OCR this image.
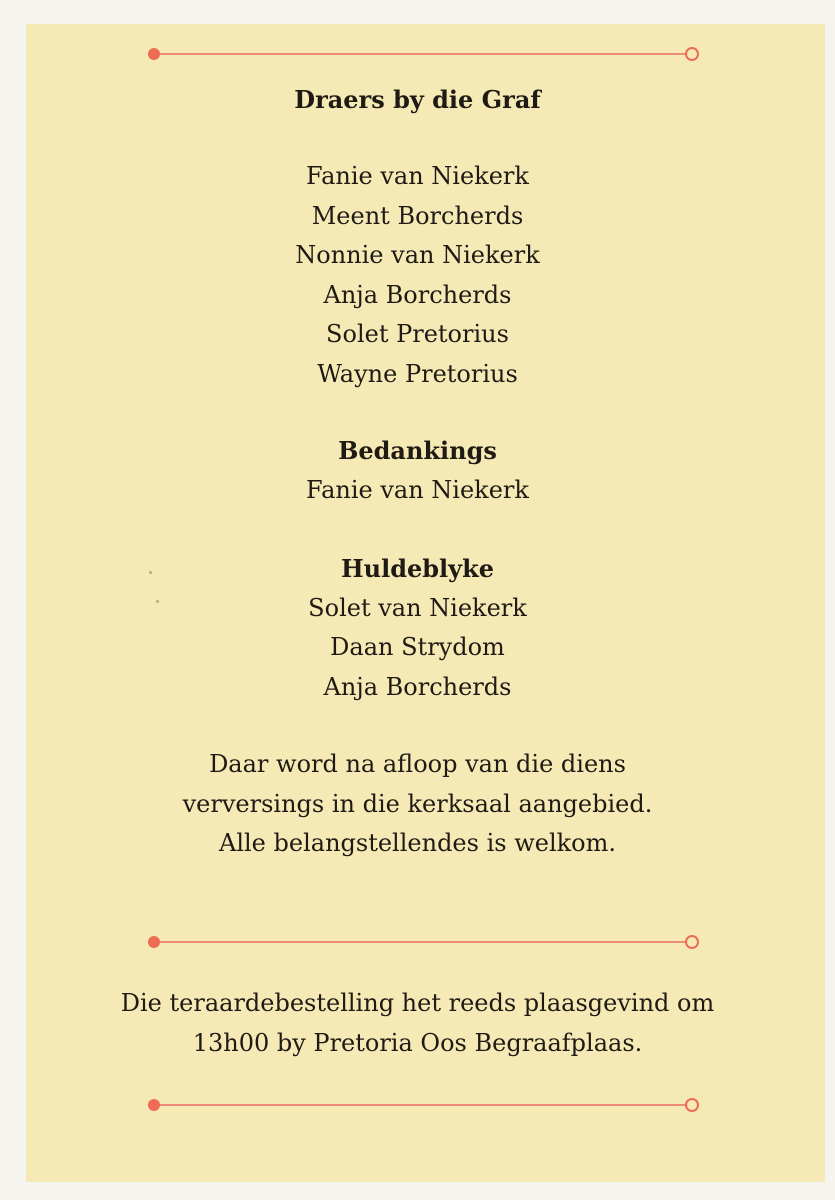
Draers by die Graf
Fanie van Niekerk
Meent Borcherds
Nonnie van Niekerk
Anja Borcherds
Solet Pretorius
Wayne Pretorius
Bedankings
Fanie van Niekerk
Huldeblyke
Solet van Niekerk
Daan Strydom
Anja Borcherds
Daar word na afloop van die diens
verversings in die kerksaal aangebied.
Alle belangstellendes is welkom.
Die teraardebestelling het reeds plaasgevind om
13h00 by Pretoria Oos Begraafplaas.
